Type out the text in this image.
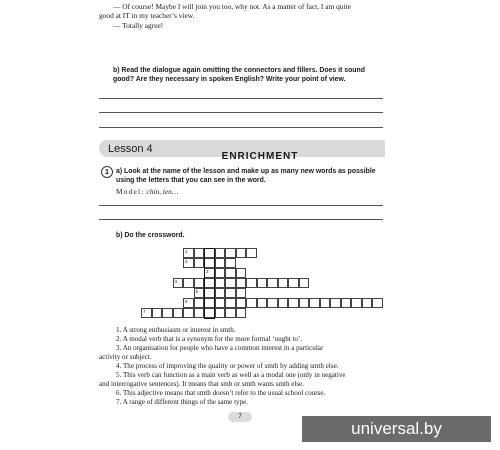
— Of course! Maybe I will join you too, why not. As a matter of fact, I am quite
good at IT in my teacher’s view.
— Totally agree!
b) Read the dialogue again omitting the connectors and fillers. Does it sound
good? Are they necessary in spoken English? Write your point of view.
Lesson 4
ENRICHMENT
1	a) Look at the name of the lesson and make up as many new words as possible
using the letters that you can see in the word.
Model: chin, ten…
b) Do the crossword.
1
2
3
4
5
6
7
1. A strong enthusiasm or interest in smth.
2. A modal verb that is a synonym for the more formal ‘ought to’.
3. An organisation for people who have a common interest in a particular
activity or subject.
4. The process of improving the quality or power of smth by adding smth else.
5. This verb can function as a main verb as well as a modal one (only in negative
and interrogative sentences). It means that smb or smth wants smth else.
6. This adjective means that smth doesn’t refer to the usual school course.
7. A range of different things of the same type.
7
universal.by
